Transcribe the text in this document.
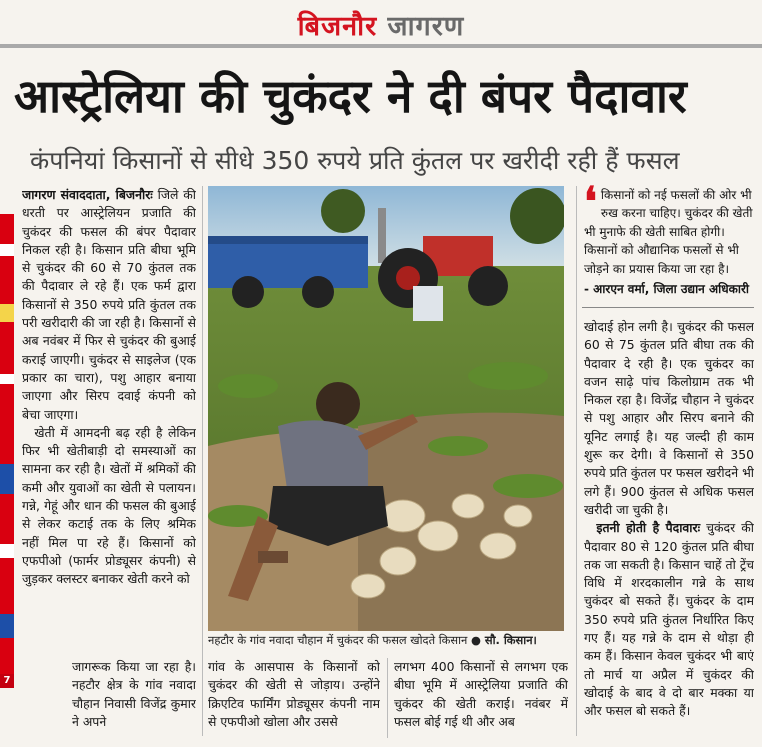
बिजनौर जागरण
आस्ट्रेलिया की चुकंदर ने दी बंपर पैदावार
कंपनियां किसानों से सीधे 350 रुपये प्रति कुंतल पर खरीदी रही हैं फसल
7

जागरण संवाददाता, बिजनौरः जिले की धरती पर आस्ट्रेलियन प्रजाति की चुकंदर की फसल की बंपर पैदावार निकल रही है। किसान प्रति बीघा भूमि से चुकंदर की 60 से 70 कुंतल तक की पैदावार ले रहे हैं। एक फर्म द्वारा किसानों से 350 रुपये प्रति कुंतल तक परी खरीदारी की जा रही है। किसानों से अब नवंबर में फिर से चुकंदर की बुआई कराई जाएगी। चुकंदर से साइलेज (एक प्रकार का चारा), पशु आहार बनाया जाएगा और सिरप दवाई कंपनी को बेचा जाएगा।

खेती में आमदनी बढ़ रही है लेकिन फिर भी खेतीबाड़ी दो समस्याओं का सामना कर रही है। खेतों में श्रमिकों की कमी और युवाओं का खेती से पलायन। गन्ने, गेहूं और धान की फसल की बुआई से लेकर कटाई तक के लिए श्रमिक नहीं मिल पा रहे हैं। किसानों को एफपीओ (फार्मर प्रोड्यूसर कंपनी) से जुड़कर क्लस्टर बनाकर खेती करने को

जागरूक किया जा रहा है। नहटौर क्षेत्र के गांव नवादा चौहान निवासी विजेंद्र कुमार ने अपने
नहटौर के गांव नवादा चौहान में चुकंदर की फसल खोदते किसान ● सौ. किसान।
गांव के आसपास के किसानों को चुकंदर की खेती से जोड़ाय। उन्होंने क्रिएटिव फार्मिंग प्रोड्यूसर कंपनी नाम से एफपीओ खोला और उससे
लगभग 400 किसानों से लगभग एक बीघा भूमि में आस्ट्रेलिया प्रजाति की चुकंदर की खेती कराई। नवंबर में फसल बोई गई थी और अब
❛ किसानों को नई फसलों की ओर भी रुख करना चाहिए। चुकंदर की खेती भी मुनाफे की खेती साबित होगी। किसानों को औद्यानिक फसलों से भी जोड़ने का प्रयास किया जा रहा है।
- आरएन वर्मा, जिला उद्यान अधिकारी

खोदाई होन लगी है। चुकंदर की फसल 60 से 75 कुंतल प्रति बीघा तक की पैदावार दे रही है। एक चुकंदर का वजन साढ़े पांच किलोग्राम तक भी निकल रहा है। विजेंद्र चौहान ने चुकंदर से पशु आहार और सिरप बनाने की यूनिट लगाई है। यह जल्दी ही काम शुरू कर देगी। वे किसानों से 350 रुपये प्रति कुंतल पर फसल खरीदने भी लगे हैं। 900 कुंतल से अधिक फसल खरीदी जा चुकी है।

इतनी होती है पैदावारः चुकंदर की पैदावार 80 से 120 कुंतल प्रति बीघा तक जा सकती है। किसान चाहें तो ट्रेंच विधि में शरदकालीन गन्ने के साथ चुकंदर बो सकते हैं। चुकंदर के दाम 350 रुपये प्रति कुंतल निर्धारित किए गए हैं। यह गन्ने के दाम से थोड़ा ही कम हैं। किसान केवल चुकंदर भी बाएं तो मार्च या अप्रैल में चुकंदर की खोदाई के बाद वे दो बार मक्का या और फसल बो सकते हैं।
